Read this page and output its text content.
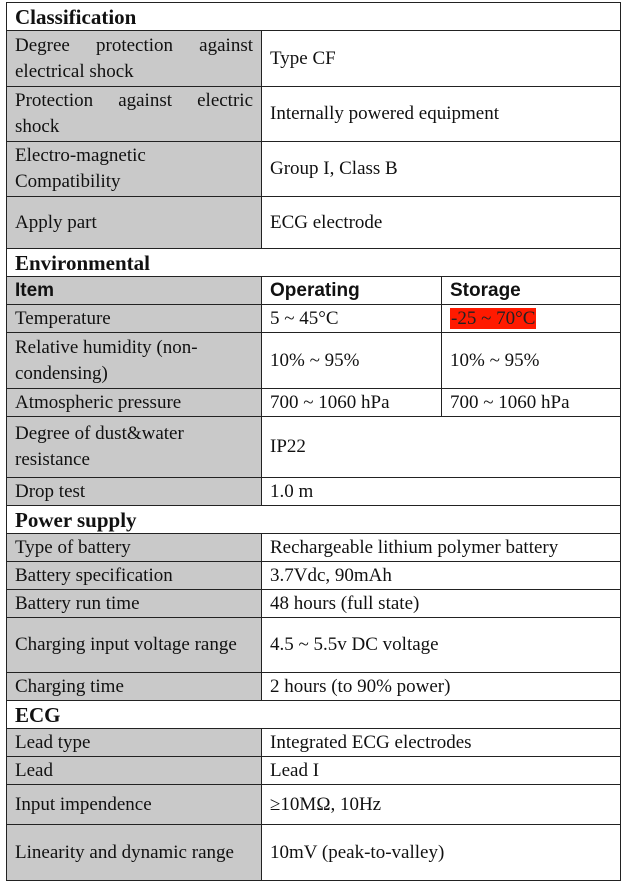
Classification		
Degree protection against electrical shock	Type CF	
Protection against electric shock	Internally powered equipment	
Electro-magnetic Compatibility	Group I, Class B	
Apply part	ECG electrode	
Environmental		
Item	Operating	Storage
Temperature	5 ~ 45°C	-25 ~ 70°C
Relative humidity (non-condensing)	10% ~ 95%	10% ~ 95%
Atmospheric pressure	700 ~ 1060 hPa	700 ~ 1060 hPa
Degree of dust&water resistance	IP22	
Drop test	1.0 m	
Power supply		
Type of battery	Rechargeable lithium polymer battery	
Battery specification	3.7Vdc, 90mAh	
Battery run time	48 hours (full state)	
Charging input voltage range	4.5 ~ 5.5v DC voltage	
Charging time	2 hours (to 90% power)	
ECG		
Lead type	Integrated ECG electrodes	
Lead	Lead I	
Input impendence	≥10MΩ, 10Hz	
Linearity and dynamic range	10mV (peak-to-valley)	
